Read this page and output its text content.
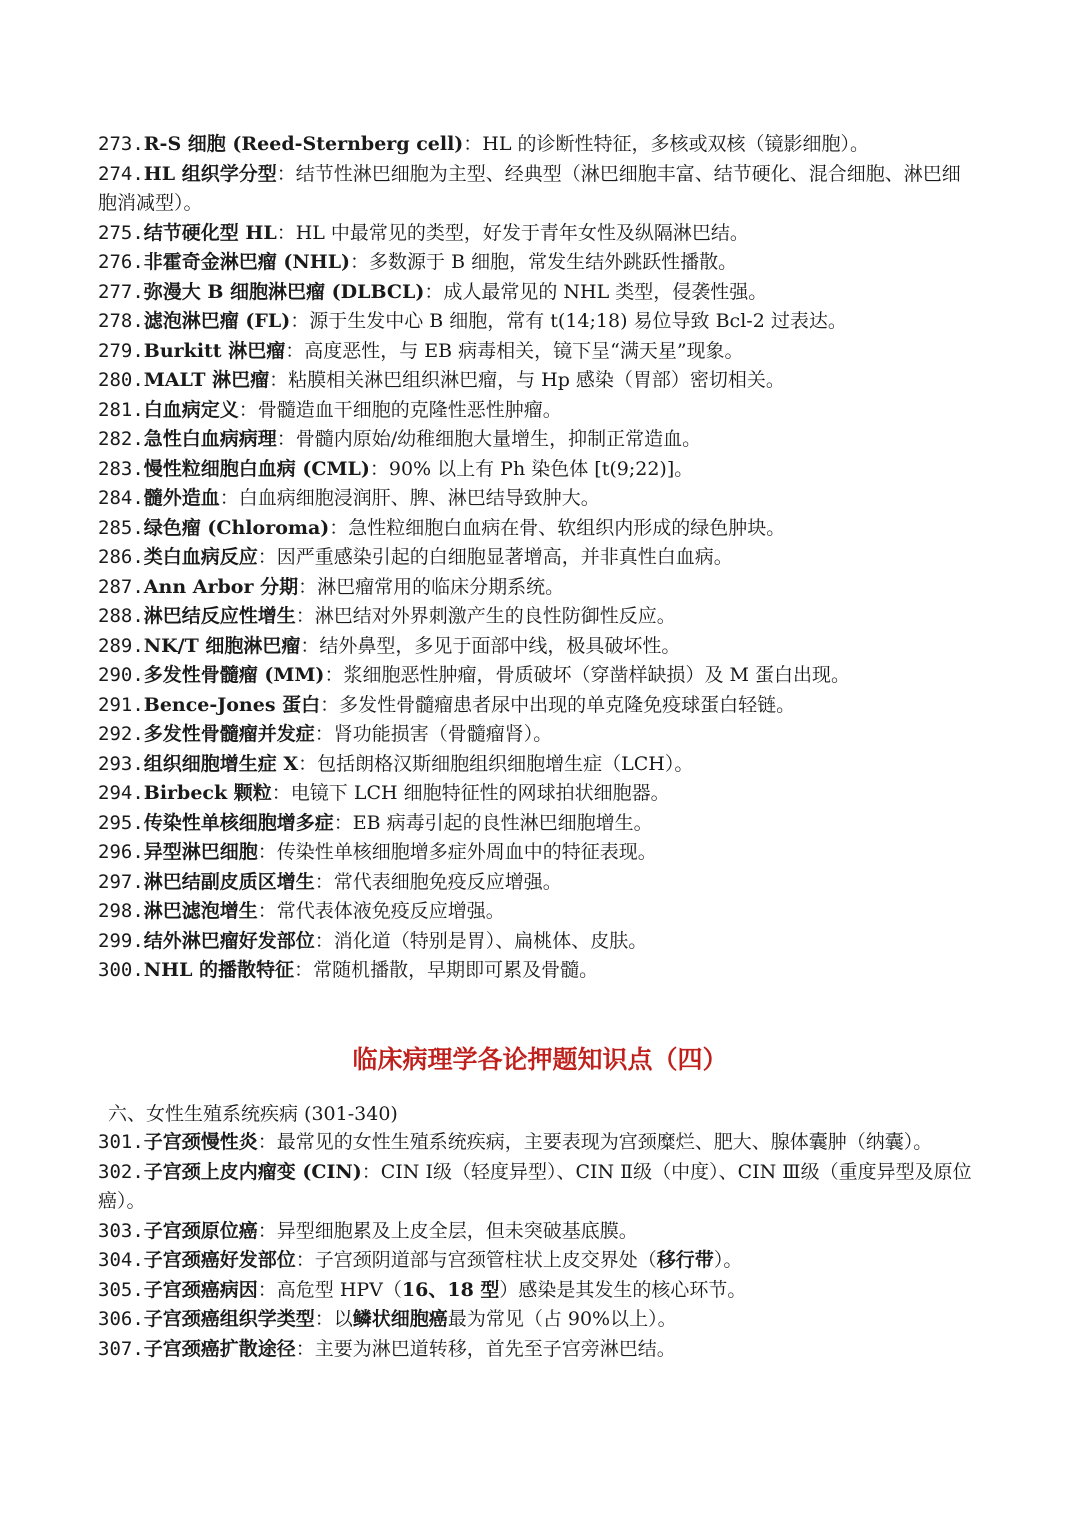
273.R-S 细胞 (Reed-Sternberg cell)：HL 的诊断性特征，多核或双核（镜影细胞）。

274.HL 组织学分型：结节性淋巴细胞为主型、经典型（淋巴细胞丰富、结节硬化、混合细胞、淋巴细胞消减型）。

275.结节硬化型 HL：HL 中最常见的类型，好发于青年女性及纵隔淋巴结。

276.非霍奇金淋巴瘤 (NHL)：多数源于 B 细胞，常发生结外跳跃性播散。

277.弥漫大 B 细胞淋巴瘤 (DLBCL)：成人最常见的 NHL 类型，侵袭性强。

278.滤泡淋巴瘤 (FL)：源于生发中心 B 细胞，常有 t(14;18) 易位导致 Bcl-2 过表达。

279.Burkitt 淋巴瘤：高度恶性，与 EB 病毒相关，镜下呈“满天星”现象。

280.MALT 淋巴瘤：粘膜相关淋巴组织淋巴瘤，与 Hp 感染（胃部）密切相关。

281.白血病定义：骨髓造血干细胞的克隆性恶性肿瘤。

282.急性白血病病理：骨髓内原始/幼稚细胞大量增生，抑制正常造血。

283.慢性粒细胞白血病 (CML)：90% 以上有 Ph 染色体 [t(9;22)]。

284.髓外造血：白血病细胞浸润肝、脾、淋巴结导致肿大。

285.绿色瘤 (Chloroma)：急性粒细胞白血病在骨、软组织内形成的绿色肿块。

286.类白血病反应：因严重感染引起的白细胞显著增高，并非真性白血病。

287.Ann Arbor 分期：淋巴瘤常用的临床分期系统。

288.淋巴结反应性增生：淋巴结对外界刺激产生的良性防御性反应。

289.NK/T 细胞淋巴瘤：结外鼻型，多见于面部中线，极具破坏性。

290.多发性骨髓瘤 (MM)：浆细胞恶性肿瘤，骨质破坏（穿凿样缺损）及 M 蛋白出现。

291.Bence-Jones 蛋白：多发性骨髓瘤患者尿中出现的单克隆免疫球蛋白轻链。

292.多发性骨髓瘤并发症：肾功能损害（骨髓瘤肾）。

293.组织细胞增生症 X：包括朗格汉斯细胞组织细胞增生症（LCH）。

294.Birbeck 颗粒：电镜下 LCH 细胞特征性的网球拍状细胞器。

295.传染性单核细胞增多症：EB 病毒引起的良性淋巴细胞增生。

296.异型淋巴细胞：传染性单核细胞增多症外周血中的特征表现。

297.淋巴结副皮质区增生：常代表细胞免疫反应增强。

298.淋巴滤泡增生：常代表体液免疫反应增强。

299.结外淋巴瘤好发部位：消化道（特别是胃）、扁桃体、皮肤。

300.NHL 的播散特征：常随机播散，早期即可累及骨髓。

临床病理学各论押题知识点（四）
六、女性生殖系统疾病 (301-340)

301.子宫颈慢性炎：最常见的女性生殖系统疾病，主要表现为宫颈糜烂、肥大、腺体囊肿（纳囊）。

302.子宫颈上皮内瘤变 (CIN)：CIN Ⅰ级（轻度异型）、CIN Ⅱ级（中度）、CIN Ⅲ级（重度异型及原位癌）。

303.子宫颈原位癌：异型细胞累及上皮全层，但未突破基底膜。

304.子宫颈癌好发部位：子宫颈阴道部与宫颈管柱状上皮交界处（移行带）。

305.子宫颈癌病因：高危型 HPV（16、18 型）感染是其发生的核心环节。

306.子宫颈癌组织学类型：以鳞状细胞癌最为常见（占 90%以上）。

307.子宫颈癌扩散途径：主要为淋巴道转移，首先至子宫旁淋巴结。
